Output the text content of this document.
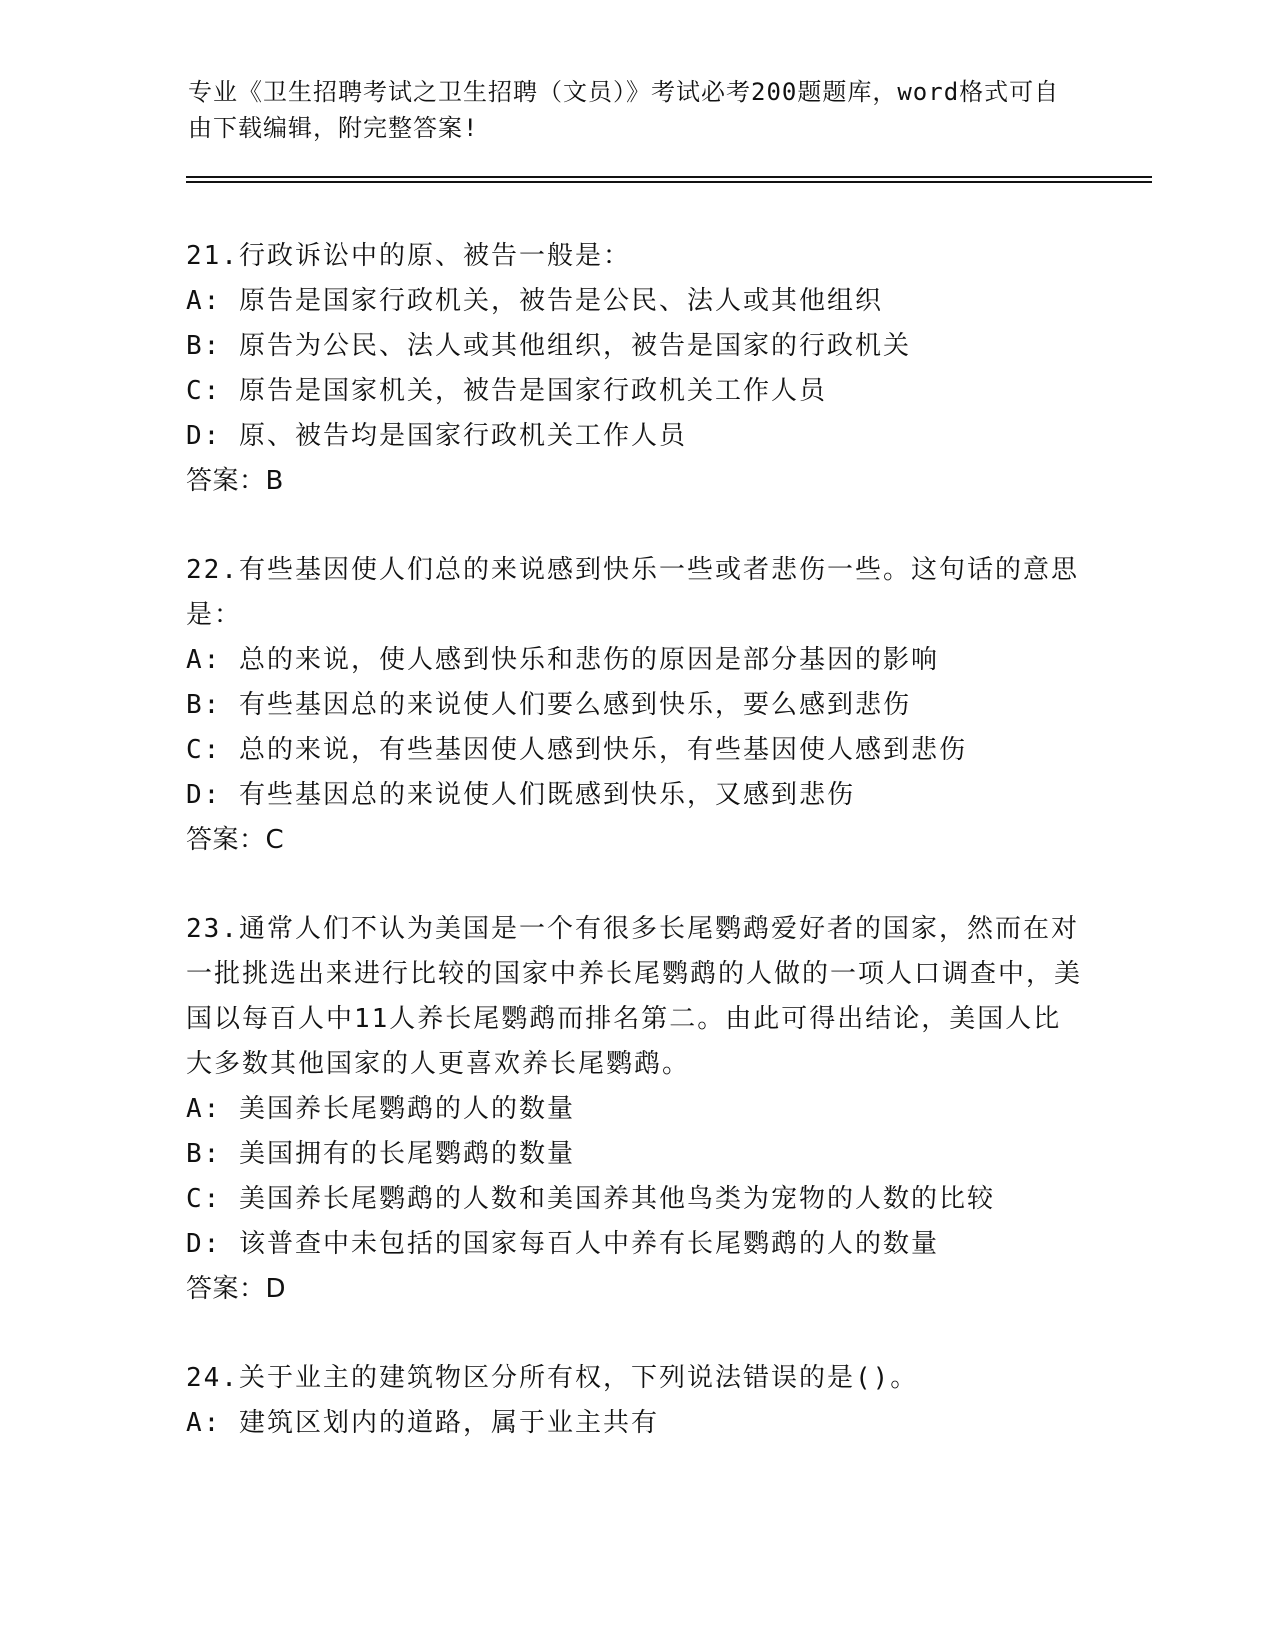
专业《卫生招聘考试之卫生招聘（文员）》考试必考200题题库，word格式可自由下载编辑，附完整答案!
21.行政诉讼中的原、被告一般是：
A: 原告是国家行政机关，被告是公民、法人或其他组织
B: 原告为公民、法人或其他组织，被告是国家的行政机关
C: 原告是国家机关，被告是国家行政机关工作人员
D: 原、被告均是国家行政机关工作人员
答案：B
22.有些基因使人们总的来说感到快乐一些或者悲伤一些。这句话的意思是：
A: 总的来说，使人感到快乐和悲伤的原因是部分基因的影响
B: 有些基因总的来说使人们要么感到快乐，要么感到悲伤
C: 总的来说，有些基因使人感到快乐，有些基因使人感到悲伤
D: 有些基因总的来说使人们既感到快乐，又感到悲伤
答案：C
23.通常人们不认为美国是一个有很多长尾鹦鹉爱好者的国家，然而在对一批挑选出来进行比较的国家中养长尾鹦鹉的人做的一项人口调查中，美国以每百人中11人养长尾鹦鹉而排名第二。由此可得出结论，美国人比大多数其他国家的人更喜欢养长尾鹦鹉。
A: 美国养长尾鹦鹉的人的数量
B: 美国拥有的长尾鹦鹉的数量
C: 美国养长尾鹦鹉的人数和美国养其他鸟类为宠物的人数的比较
D: 该普查中未包括的国家每百人中养有长尾鹦鹉的人的数量
答案：D
24.关于业主的建筑物区分所有权，下列说法错误的是()。
A: 建筑区划内的道路，属于业主共有
